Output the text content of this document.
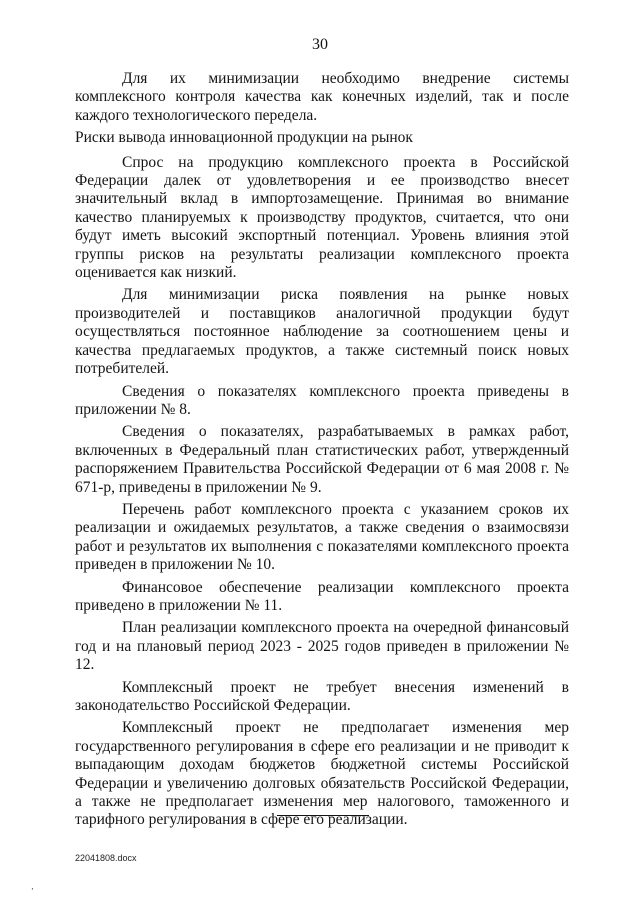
30

Для их минимизации необходимо внедрение системы комплексного контроля качества как конечных изделий, так и после каждого технологического передела.

Риски вывода инновационной продукции на рынок

Спрос на продукцию комплексного проекта в Российской Федерации далек от удовлетворения и ее производство внесет значительный вклад в импортозамещение. Принимая во внимание качество планируемых к производству продуктов, считается, что они будут иметь высокий экспортный потенциал. Уровень влияния этой группы рисков на результаты реализации комплексного проекта оценивается как низкий.

Для минимизации риска появления на рынке новых производителей и поставщиков аналогичной продукции будут осуществляться постоянное наблюдение за соотношением цены и качества предлагаемых продуктов, а также системный поиск новых потребителей.

Сведения о показателях комплексного проекта приведены в приложении № 8.

Сведения о показателях, разрабатываемых в рамках работ, включенных в Федеральный план статистических работ, утвержденный распоряжением Правительства Российской Федерации от 6 мая 2008 г. № 671-р, приведены в приложении № 9.

Перечень работ комплексного проекта с указанием сроков их реализации и ожидаемых результатов, а также сведения о взаимосвязи работ и результатов их выполнения с показателями комплексного проекта приведен в приложении № 10.

Финансовое обеспечение реализации комплексного проекта приведено в приложении № 11.

План реализации комплексного проекта на очередной финансовый год и на плановый период 2023 - 2025 годов приведен в приложении № 12.

Комплексный проект не требует внесения изменений в законодательство Российской Федерации.

Комплексный проект не предполагает изменения мер государственного регулирования в сфере его реализации и не приводит к выпадающим доходам бюджетов бюджетной системы Российской Федерации и увеличению долговых обязательств Российской Федерации, а также не предполагает изменения мер налогового, таможенного и тарифного регулирования в сфере его реализации.

22041808.docx
‚
